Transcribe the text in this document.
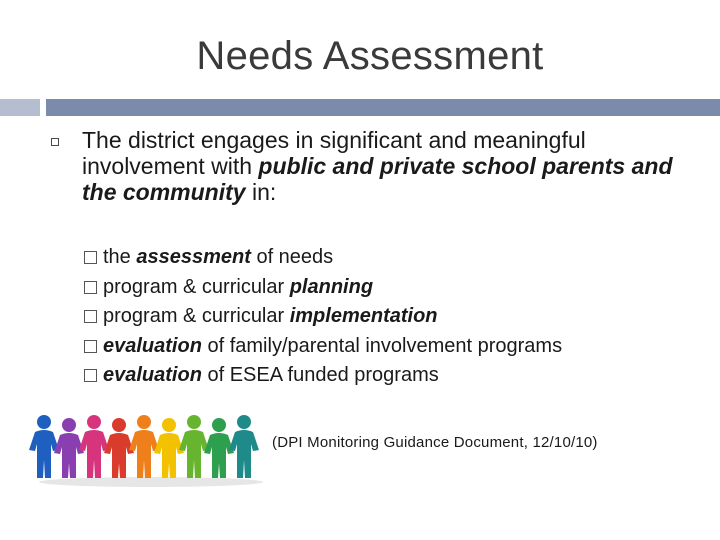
Needs Assessment
The district engages in significant and meaningful involvement with public and private school parents and the community in:
the assessment of needs
program & curricular planning
program & curricular implementation
evaluation of family/parental involvement programs
evaluation of ESEA funded programs
(DPI Monitoring Guidance Document, 12/10/10)
